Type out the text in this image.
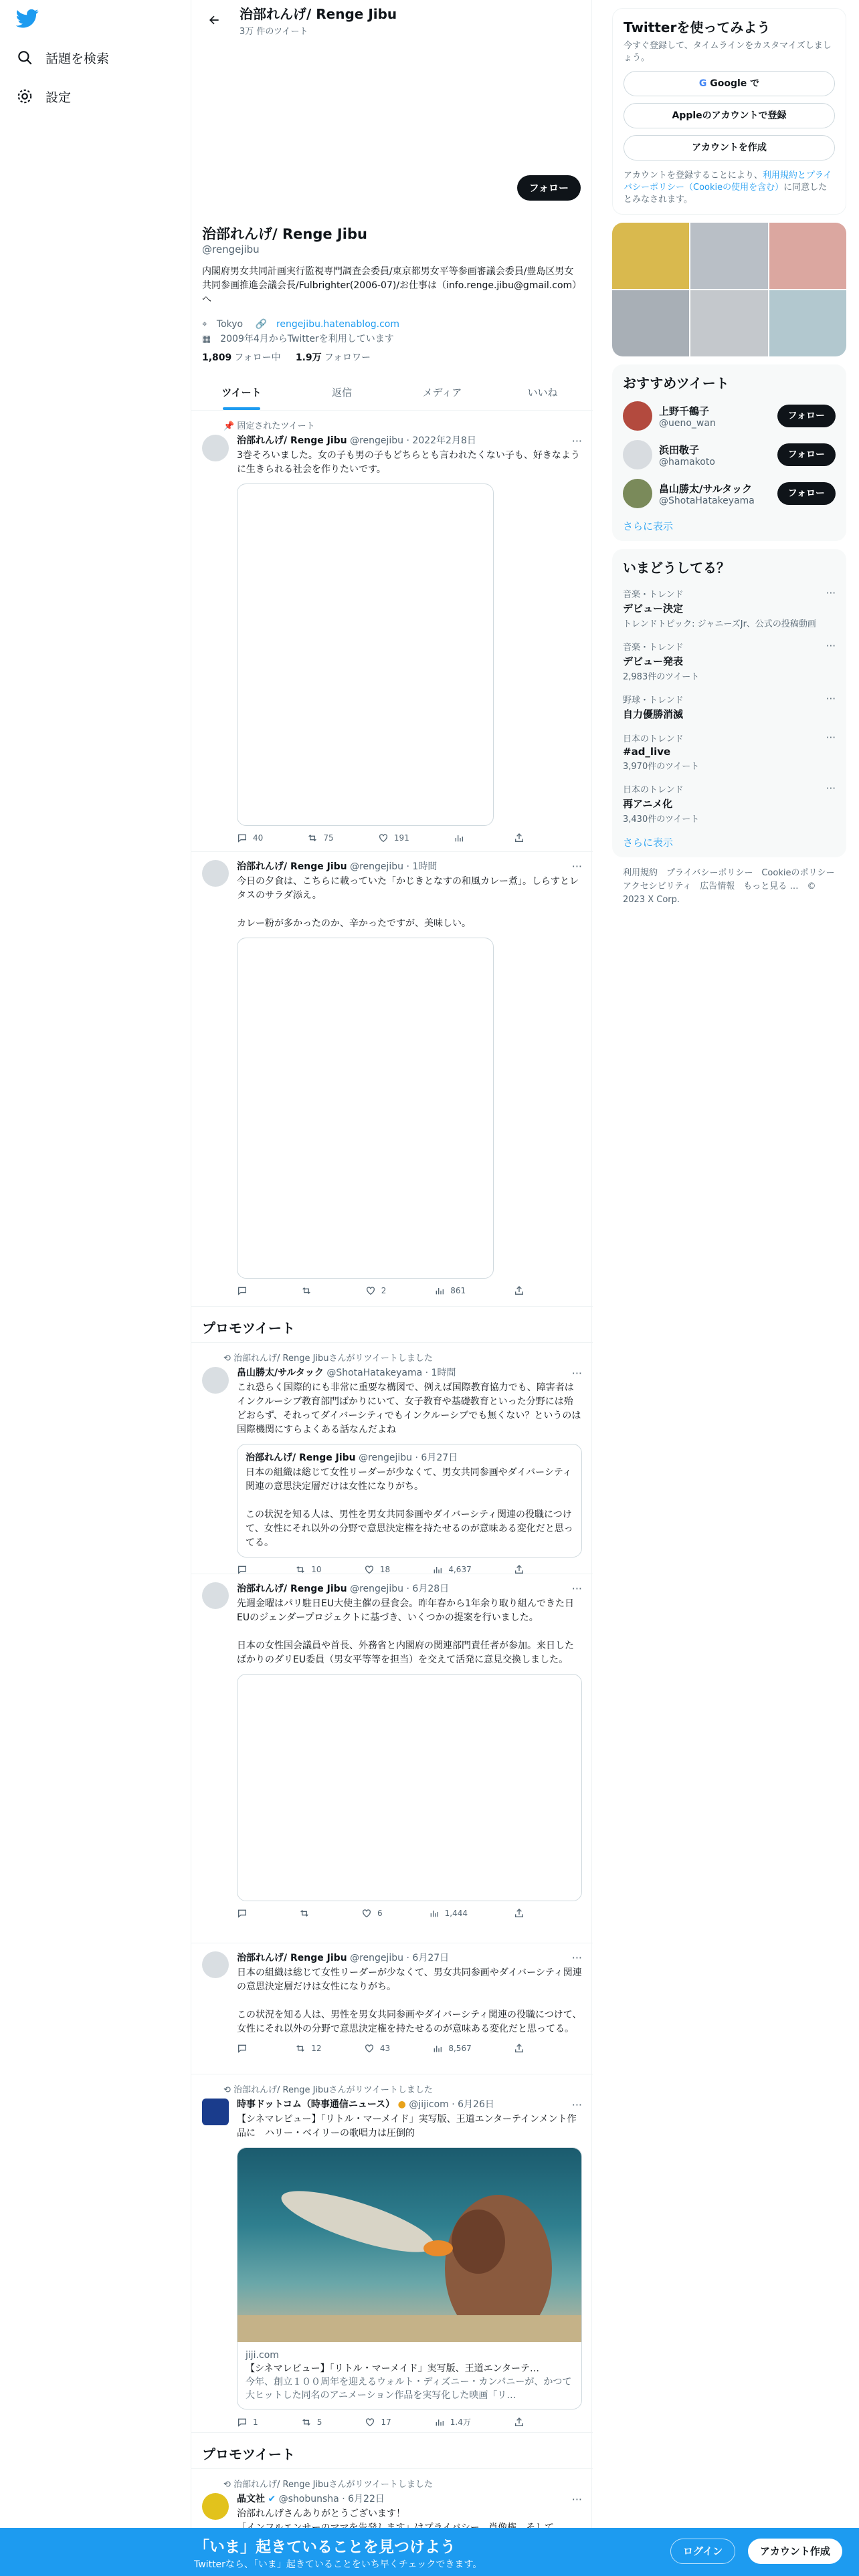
話題を検索
設定
治部れんげ/ Renge Jibu
3万 件のツイート
フォロー
治部れんげ/ Renge Jibu
@rengejibu
内閣府男女共同計画実行監視専門調査会委員/東京都男女平等参画審議会委員/豊島区男女共同参画推進会議会長/Fulbrighter(2006-07)/お仕事は（info.renge.jibu@gmail.com）へ
⌖ Tokyo 🔗 rengejibu.hatenablog.com
▦ 2009年4月からTwitterを利用しています
1,809 フォロー中 1.9万 フォロワー
ツイート	返信	メディア	いいね
📌 固定されたツイート
···
治部れんげ/ Renge Jibu @rengejibu · 2022年2月8日
3巻そろいました。女の子も男の子もどちらとも言われたくない子も、好きなように生きられる社会を作りたいです。
40	75	191
···
治部れんげ/ Renge Jibu @rengejibu · 1時間
今日の夕食は、こちらに載っていた「かじきとなすの和風カレー煮」。しらすとレタスのサラダ添え。

カレー粉が多かったのか、辛かったですが、美味しい。
2	861
プロモツイート
⟲ 治部れんげ/ Renge Jibuさんがリツイートしました
···
畠山勝太/サルタック @ShotaHatakeyama · 1時間
これ恐らく国際的にも非常に重要な構図で、例えば国際教育協力でも、障害者はインクルーシブ教育部門ばかりにいて、女子教育や基礎教育といった分野には殆どおらず、それってダイバーシティでもインクルーシブでも無くない？というのは国際機関にすらよくある話なんだよね
治部れんげ/ Renge Jibu @rengejibu · 6月27日
日本の組織は総じて女性リーダーが少なくて、男女共同参画やダイバーシティ関連の意思決定層だけは女性になりがち。

この状況を知る人は、男性を男女共同参画やダイバーシティ関連の役職につけて、女性にそれ以外の分野で意思決定権を持たせるのが意味ある変化だと思ってる。
10	18	4,637
···
治部れんげ/ Renge Jibu @rengejibu · 6月28日
先週金曜はパリ駐日EU大使主催の昼食会。昨年春から1年余り取り組んできた日EUのジェンダープロジェクトに基づき、いくつかの提案を行いました。

日本の女性国会議員や首長、外務省と内閣府の関連部門責任者が参加。来日したばかりのダリEU委員（男女平等等を担当）を交えて活発に意見交換しました。
6	1,444
···
治部れんげ/ Renge Jibu @rengejibu · 6月27日
日本の組織は総じて女性リーダーが少なくて、男女共同参画やダイバーシティ関連の意思決定層だけは女性になりがち。

この状況を知る人は、男性を男女共同参画やダイバーシティ関連の役職につけて、女性にそれ以外の分野で意思決定権を持たせるのが意味ある変化だと思ってる。
12	43	8,567
⟲ 治部れんげ/ Renge Jibuさんがリツイートしました
···
時事ドットコム（時事通信ニュース） ● @jijicom · 6月26日
【シネマレビュー】「リトル・マーメイド」実写版、王道エンターテインメント作品に　ハリー・ベイリーの歌唱力は圧倒的
jiji.com
【シネマレビュー】「リトル・マーメイド」実写版、王道エンターテ…
今年、創立１００周年を迎えるウォルト・ディズニー・カンパニーが、かつて大ヒットした同名のアニメーション作品を実写化した映画「リ…
1	5	17	1.4万
プロモツイート
⟲ 治部れんげ/ Renge Jibuさんがリツイートしました
···
晶文社 ✔ @shobunsha · 6月22日
治部れんげさんありがとうございます！

Twitterを使ってみよう
今すぐ登録して、タイムラインをカスタマイズしましょう。
G Google で
Appleのアカウントで登録
アカウントを作成
アカウントを登録することにより、利用規約とプライバシーポリシー（Cookieの使用を含む）に同意したとみなされます。
おすすめツイート
上野千鶴子
@ueno_wan
フォロー
浜田敬子
@hamakoto
フォロー
畠山勝太/サルタック
@ShotaHatakeyama
フォロー
さらに表示
いまどうしてる？
音楽・トレンド
デビュー決定
トレンドトピック: ジャニーズJr、公式の投稿動画
···
音楽・トレンド
デビュー発表
2,983件のツイート
···
野球・トレンド
自力優勝消滅
···
日本のトレンド
#ad_live
3,970件のツイート
···
日本のトレンド
再アニメ化
3,430件のツイート
···
さらに表示
利用規約　プライバシーポリシー　Cookieのポリシー　アクセシビリティ　広告情報　もっと見る …　© 2023 X Corp.
「いま」起きていることを見つけよう
Twitterなら、「いま」起きていることをいち早くチェックできます。
ログイン	アカウント作成
